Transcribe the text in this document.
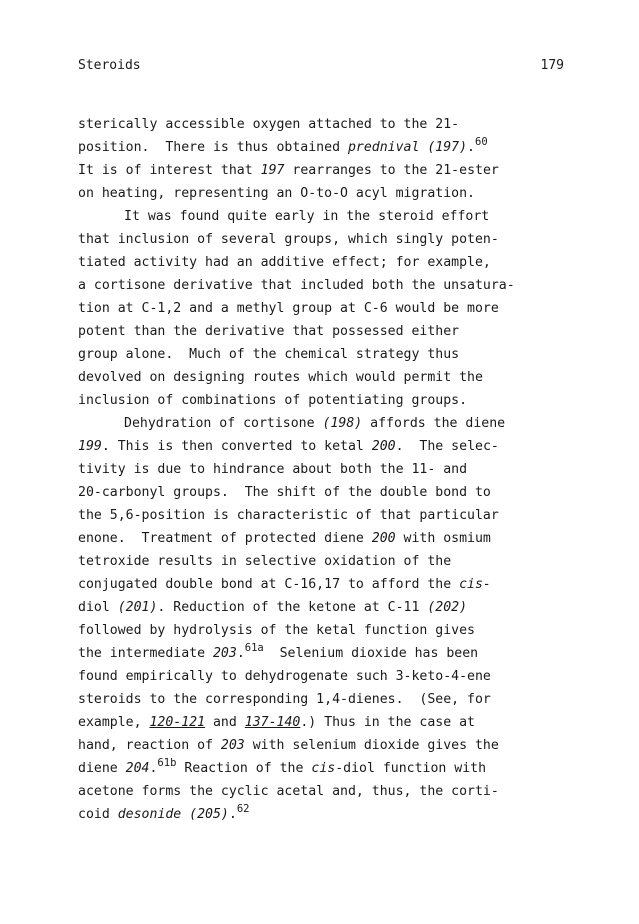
Steroids	179
sterically accessible oxygen attached to the 21-
position.  There is thus obtained prednival (197).$^{60}$
It is of interest that 197 rearranges to the 21-ester
on heating, representing an O-to-O acyl migration.
It was found quite early in the steroid effort
that inclusion of several groups, which singly poten-
tiated activity had an additive effect; for example,
a cortisone derivative that included both the unsatura-
tion at C-1,2 and a methyl group at C-6 would be more
potent than the derivative that possessed either
group alone.  Much of the chemical strategy thus
devolved on designing routes which would permit the
inclusion of combinations of potentiating groups.
Dehydration of cortisone (198) affords the diene
199. This is then converted to ketal 200.  The selec-
tivity is due to hindrance about both the 11- and
20-carbonyl groups.  The shift of the double bond to
the 5,6-position is characteristic of that particular
enone.  Treatment of protected diene 200 with osmium
tetroxide results in selective oxidation of the
conjugated double bond at C-16,17 to afford the cis-
diol (201). Reduction of the ketone at C-11 (202)
followed by hydrolysis of the ketal function gives
the intermediate 203.$^{61a}$  Selenium dioxide has been
found empirically to dehydrogenate such 3-keto-4-ene
steroids to the corresponding 1,4-dienes.  (See, for
example, 120-121 and 137-140.) Thus in the case at
hand, reaction of 203 with selenium dioxide gives the
diene 204.$^{61b}$ Reaction of the cis-diol function with
acetone forms the cyclic acetal and, thus, the corti-
coid desonide (205).$^{62}$
